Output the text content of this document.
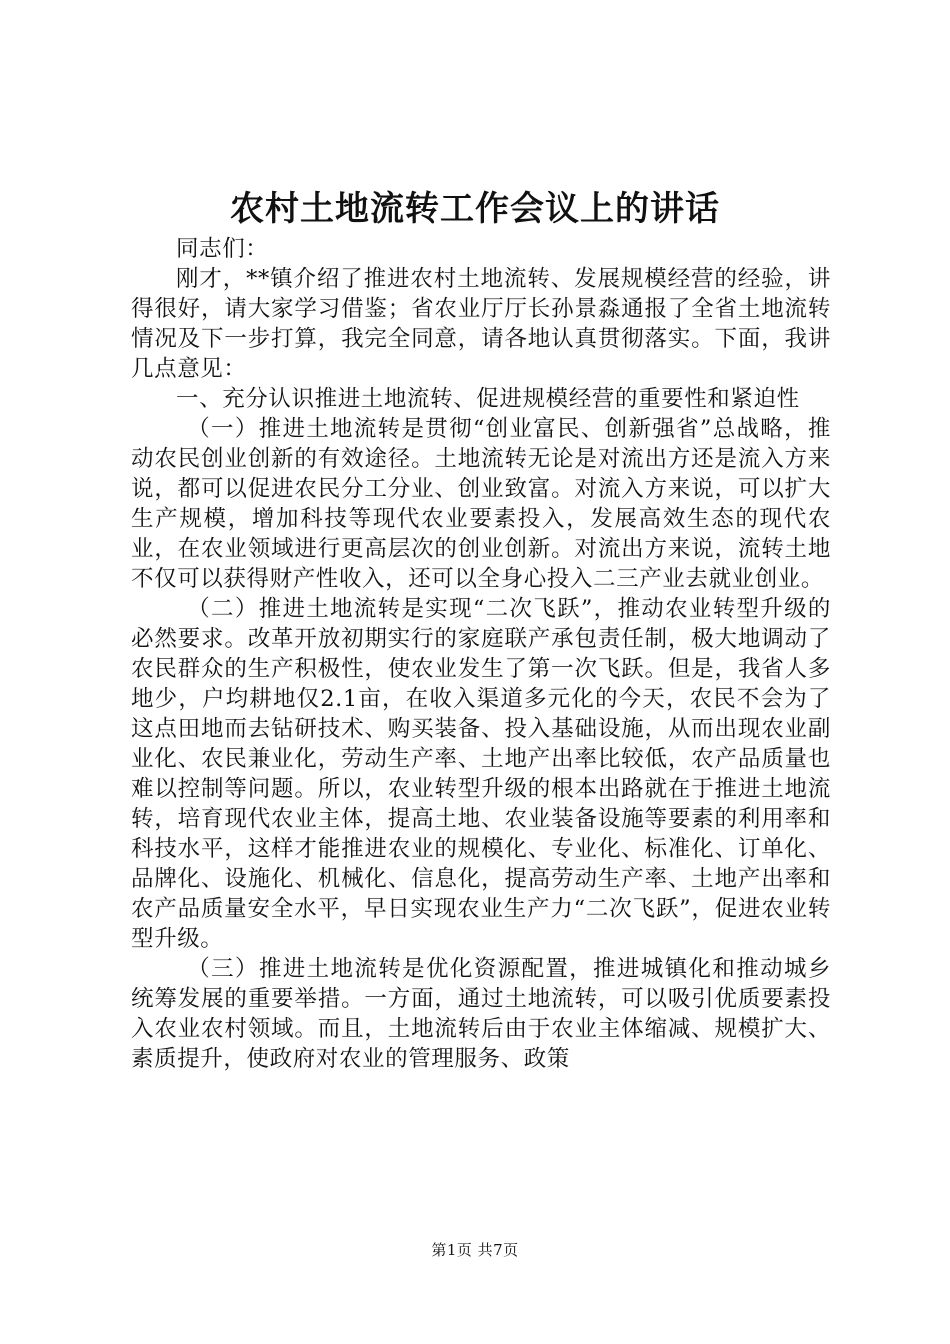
农村土地流转工作会议上的讲话

同志们：

刚才，**镇介绍了推进农村土地流转、发展规模经营的经验，讲得很好，请大家学习借鉴；省农业厅厅长孙景淼通报了全省土地流转情况及下一步打算，我完全同意，请各地认真贯彻落实。下面，我讲几点意见：

一、充分认识推进土地流转、促进规模经营的重要性和紧迫性

（一）推进土地流转是贯彻“创业富民、创新强省”总战略，推动农民创业创新的有效途径。土地流转无论是对流出方还是流入方来说，都可以促进农民分工分业、创业致富。对流入方来说，可以扩大生产规模，增加科技等现代农业要素投入，发展高效生态的现代农业，在农业领域进行更高层次的创业创新。对流出方来说，流转土地不仅可以获得财产性收入，还可以全身心投入二三产业去就业创业。

（二）推进土地流转是实现“二次飞跃”，推动农业转型升级的必然要求。改革开放初期实行的家庭联产承包责任制，极大地调动了农民群众的生产积极性，使农业发生了第一次飞跃。但是，我省人多地少，户均耕地仅2.1亩，在收入渠道多元化的今天，农民不会为了这点田地而去钻研技术、购买装备、投入基础设施，从而出现农业副业化、农民兼业化，劳动生产率、土地产出率比较低，农产品质量也难以控制等问题。所以，农业转型升级的根本出路就在于推进土地流转，培育现代农业主体，提高土地、农业装备设施等要素的利用率和科技水平，这样才能推进农业的规模化、专业化、标准化、订单化、品牌化、设施化、机械化、信息化，提高劳动生产率、土地产出率和农产品质量安全水平，早日实现农业生产力“二次飞跃”，促进农业转型升级。

（三）推进土地流转是优化资源配置，推进城镇化和推动城乡统筹发展的重要举措。一方面，通过土地流转，可以吸引优质要素投入农业农村领域。而且，土地流转后由于农业主体缩减、规模扩大、素质提升，使政府对农业的管理服务、政策

第1页 共7页
